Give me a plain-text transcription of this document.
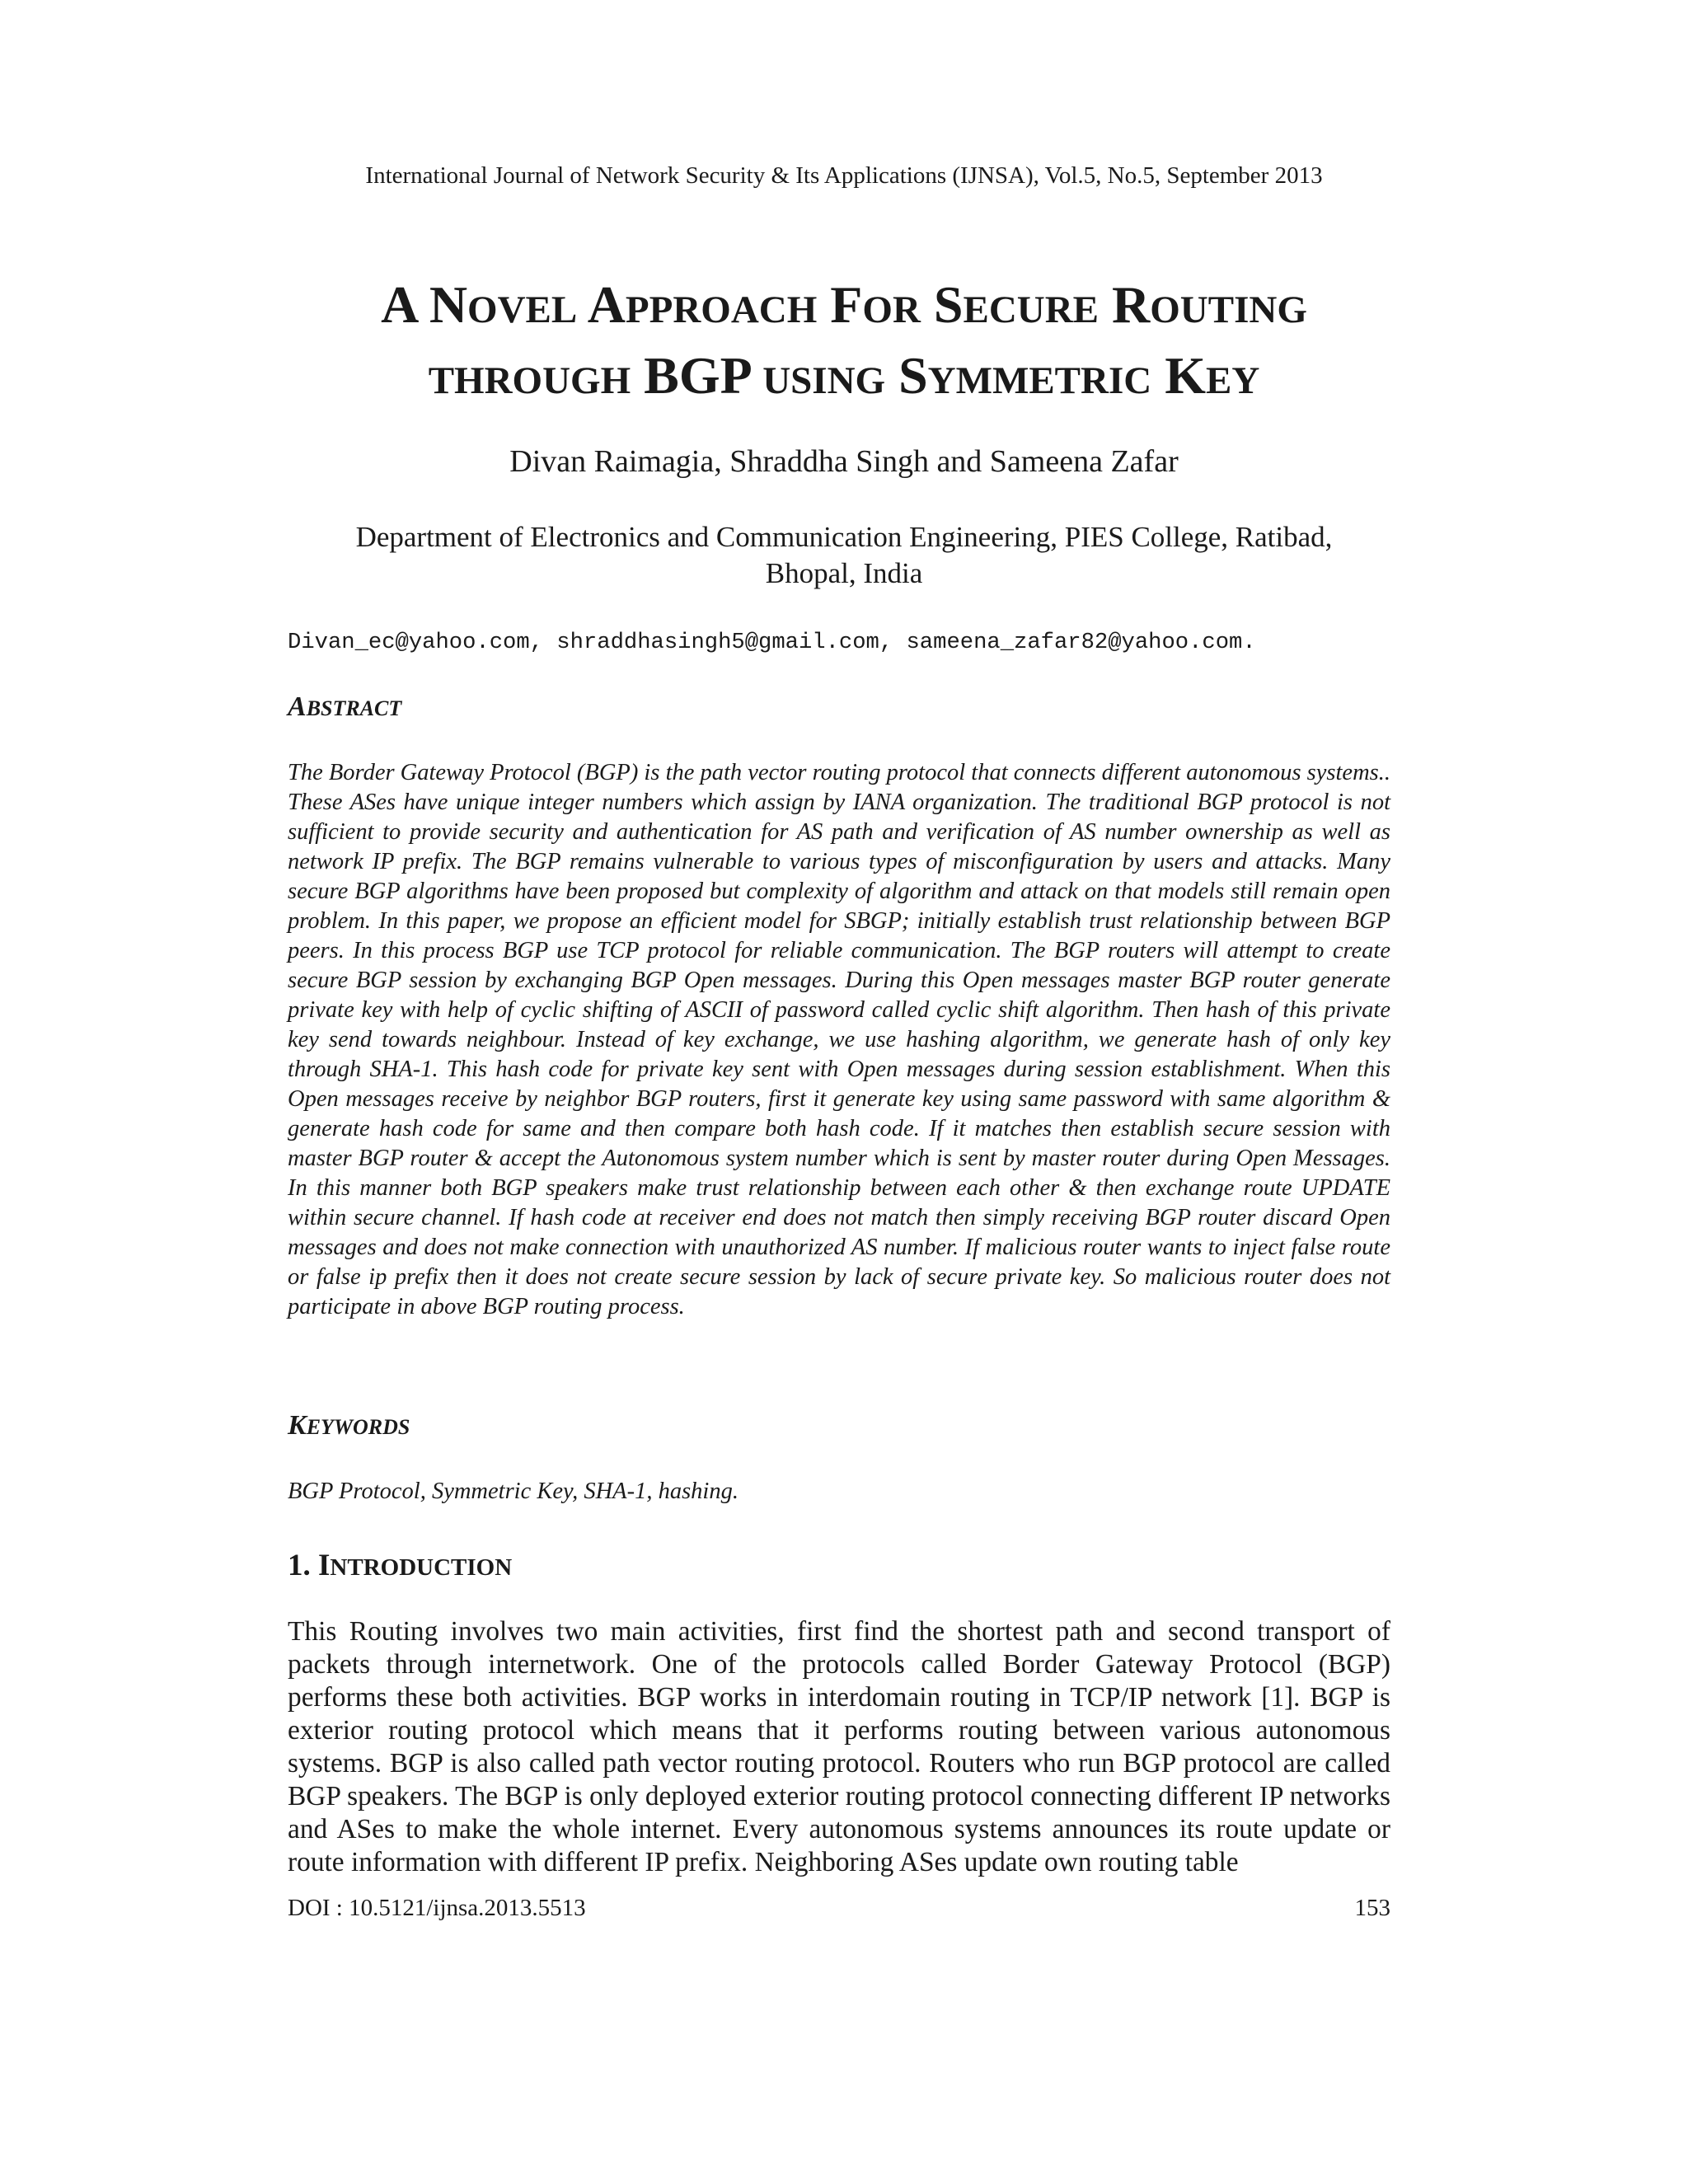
International Journal of Network Security & Its Applications (IJNSA), Vol.5, No.5, September 2013
A NOVEL APPROACH FOR SECURE ROUTING
THROUGH BGP USING SYMMETRIC KEY
Divan Raimagia, Shraddha Singh and Sameena Zafar
Department of Electronics and Communication Engineering, PIES College, Ratibad,
Bhopal, India
Divan_ec@yahoo.com, shraddhasingh5@gmail.com, sameena_zafar82@yahoo.com.
ABSTRACT

The Border Gateway Protocol (BGP) is the path vector routing protocol that connects different autonomous systems.. These ASes have unique integer numbers which assign by IANA organization. The traditional BGP protocol is not sufficient to provide security and authentication for AS path and verification of AS number ownership as well as network IP prefix. The BGP remains vulnerable to various types of misconfiguration by users and attacks. Many secure BGP algorithms have been proposed but complexity of algorithm and attack on that models still remain open problem. In this paper, we propose an efficient model for SBGP; initially establish trust relationship between BGP peers. In this process BGP use TCP protocol for reliable communication. The BGP routers will attempt to create secure BGP session by exchanging BGP Open messages. During this Open messages master BGP router generate private key with help of cyclic shifting of ASCII of password called cyclic shift algorithm. Then hash of this private key send towards neighbour. Instead of key exchange, we use hashing algorithm, we generate hash of only key through SHA-1. This hash code for private key sent with Open messages during session establishment. When this Open messages receive by neighbor BGP routers, first it generate key using same password with same algorithm & generate hash code for same and then compare both hash code. If it matches then establish secure session with master BGP router & accept the Autonomous system number which is sent by master router during Open Messages. In this manner both BGP speakers make trust relationship between each other & then exchange route UPDATE within secure channel. If hash code at receiver end does not match then simply receiving BGP router discard Open messages and does not make connection with unauthorized AS number. If malicious router wants to inject false route or false ip prefix then it does not create secure session by lack of secure private key. So malicious router does not participate in above BGP routing process.

KEYWORDS

BGP Protocol, Symmetric Key, SHA-1, hashing.

1. INTRODUCTION

This Routing involves two main activities, first find the shortest path and second transport of packets through internetwork. One of the protocols called Border Gateway Protocol (BGP) performs these both activities. BGP works in interdomain routing in TCP/IP network [1]. BGP is exterior routing protocol which means that it performs routing between various autonomous systems. BGP is also called path vector routing protocol. Routers who run BGP protocol are called BGP speakers. The BGP is only deployed exterior routing protocol connecting different IP networks and ASes to make the whole internet. Every autonomous systems announces its route update or route information with different IP prefix. Neighboring ASes update own routing table

DOI : 10.5121/ijnsa.2013.5513	153
